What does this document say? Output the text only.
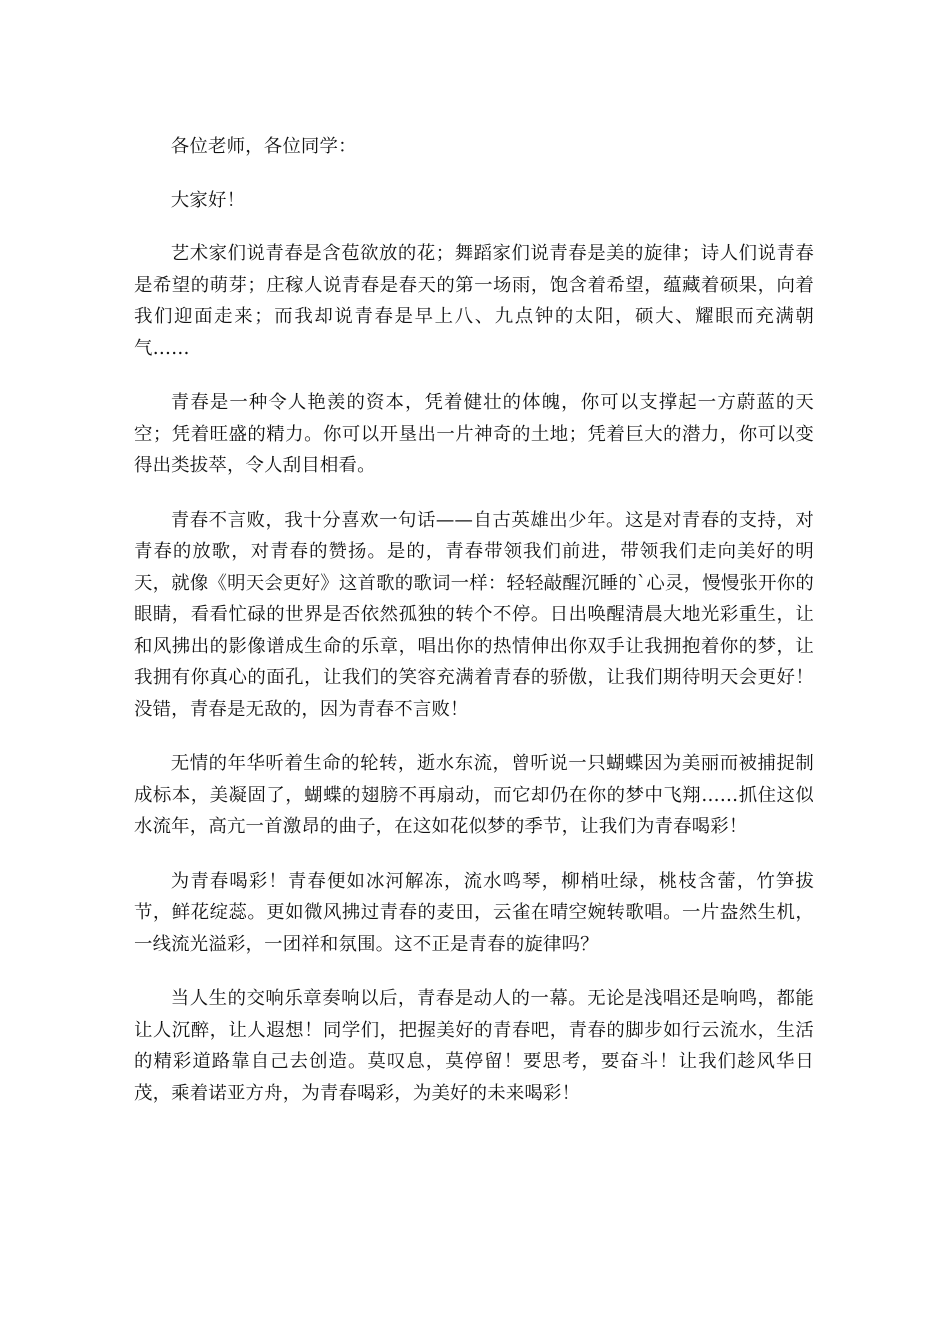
各位老师，各位同学：

大家好！

艺术家们说青春是含苞欲放的花；舞蹈家们说青春是美的旋律；诗人们说青春是希望的萌芽；庄稼人说青春是春天的第一场雨，饱含着希望，蕴藏着硕果，向着我们迎面走来；而我却说青春是早上八、九点钟的太阳，硕大、耀眼而充满朝气……

青春是一种令人艳羡的资本，凭着健壮的体魄，你可以支撑起一方蔚蓝的天空；凭着旺盛的精力。你可以开垦出一片神奇的土地；凭着巨大的潜力，你可以变得出类拔萃，令人刮目相看。

青春不言败，我十分喜欢一句话——自古英雄出少年。这是对青春的支持，对青春的放歌，对青春的赞扬。是的，青春带领我们前进，带领我们走向美好的明天，就像《明天会更好》这首歌的歌词一样：轻轻敲醒沉睡的`心灵，慢慢张开你的眼睛，看看忙碌的世界是否依然孤独的转个不停。日出唤醒清晨大地光彩重生，让和风拂出的影像谱成生命的乐章，唱出你的热情伸出你双手让我拥抱着你的梦，让我拥有你真心的面孔，让我们的笑容充满着青春的骄傲，让我们期待明天会更好！没错，青春是无敌的，因为青春不言败！

无情的年华听着生命的轮转，逝水东流，曾听说一只蝴蝶因为美丽而被捕捉制成标本，美凝固了，蝴蝶的翅膀不再扇动，而它却仍在你的梦中飞翔……抓住这似水流年，高亢一首激昂的曲子，在这如花似梦的季节，让我们为青春喝彩！

为青春喝彩！青春便如冰河解冻，流水鸣琴，柳梢吐绿，桃枝含蕾，竹笋拔节，鲜花绽蕊。更如微风拂过青春的麦田，云雀在晴空婉转歌唱。一片盎然生机，一线流光溢彩，一团祥和氛围。这不正是青春的旋律吗？

当人生的交响乐章奏响以后，青春是动人的一幕。无论是浅唱还是响鸣，都能让人沉醉，让人遐想！同学们，把握美好的青春吧，青春的脚步如行云流水，生活的精彩道路靠自己去创造。莫叹息，莫停留！要思考，要奋斗！让我们趁风华日茂，乘着诺亚方舟，为青春喝彩，为美好的未来喝彩！
